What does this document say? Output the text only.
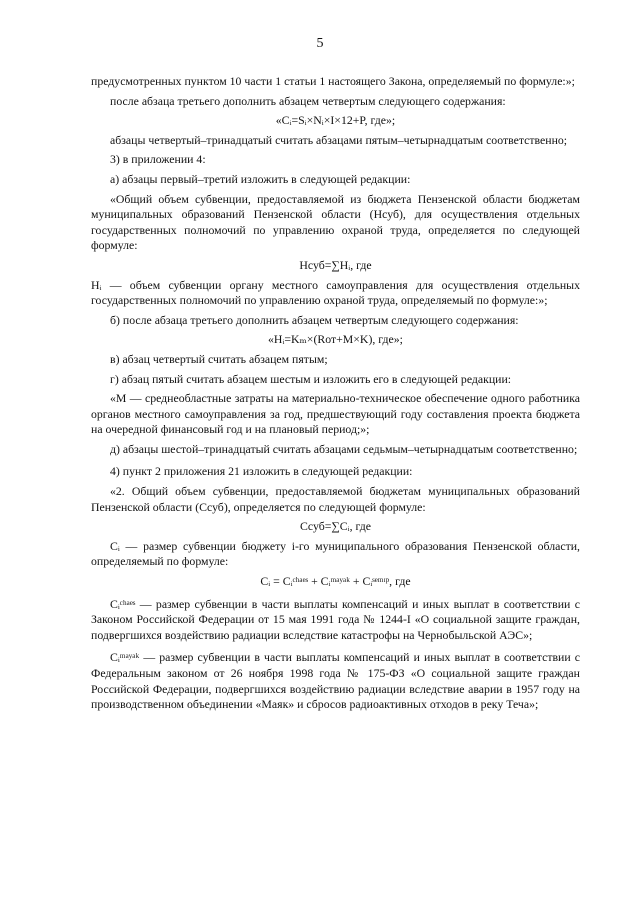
5

предусмотренных пунктом 10 части 1 статьи 1 настоящего Закона, определяемый по формуле:»;

после абзаца третьего дополнить абзацем четвертым следующего содержания:

«Cᵢ=Sᵢ×Nᵢ×I×12+P, где»;

абзацы четвертый–тринадцатый считать абзацами пятым–четырнадцатым соответственно;

3) в приложении 4:

а) абзацы первый–третий изложить в следующей редакции:

«Общий объем субвенции, предоставляемой из бюджета Пензенской области бюджетам муниципальных образований Пензенской области (Hсуб), для осуществления отдельных государственных полномочий по управлению охраной труда, определяется по следующей формуле:

Hсуб=∑Hᵢ, где

Hᵢ — объем субвенции органу местного самоуправления для осуществления отдельных государственных полномочий по управлению охраной труда, определяемый по формуле:»;

б) после абзаца третьего дополнить абзацем четвертым следующего содержания:

«Hᵢ=Kₘ×(Rот+M×K), где»;

в) абзац четвертый считать абзацем пятым;

г) абзац пятый считать абзацем шестым и изложить его в следующей редакции:

«M — среднеобластные затраты на материально-техническое обеспечение одного работника органов местного самоуправления за год, предшествующий году составления проекта бюджета на очередной финансовый год и на плановый период;»;

д) абзацы шестой–тринадцатый считать абзацами седьмым–четырнадцатым соответственно;

4) пункт 2 приложения 21 изложить в следующей редакции:

«2. Общий объем субвенции, предоставляемой бюджетам муниципальных образований Пензенской области (Cсуб), определяется по следующей формуле:

Cсуб=∑Cᵢ, где

Cᵢ — размер субвенции бюджету i-го муниципального образования Пензенской области, определяемый по формуле:

Cᵢ = Cᵢᶜʰᵃᵉˢ + Cᵢᵐᵃʸᵃᵏ + Cᵢˢᵉᵐᶦᵖ, где

Cᵢᶜʰᵃᵉˢ — размер субвенции в части выплаты компенсаций и иных выплат в соответствии с Законом Российской Федерации от 15 мая 1991 года № 1244-I «О социальной защите граждан, подвергшихся воздействию радиации вследствие катастрофы на Чернобыльской АЭС»;

Cᵢᵐᵃʸᵃᵏ — размер субвенции в части выплаты компенсаций и иных выплат в соответствии с Федеральным законом от 26 ноября 1998 года № 175-ФЗ «О социальной защите граждан Российской Федерации, подвергшихся воздействию радиации вследствие аварии в 1957 году на производственном объединении «Маяк» и сбросов радиоактивных отходов в реку Теча»;
